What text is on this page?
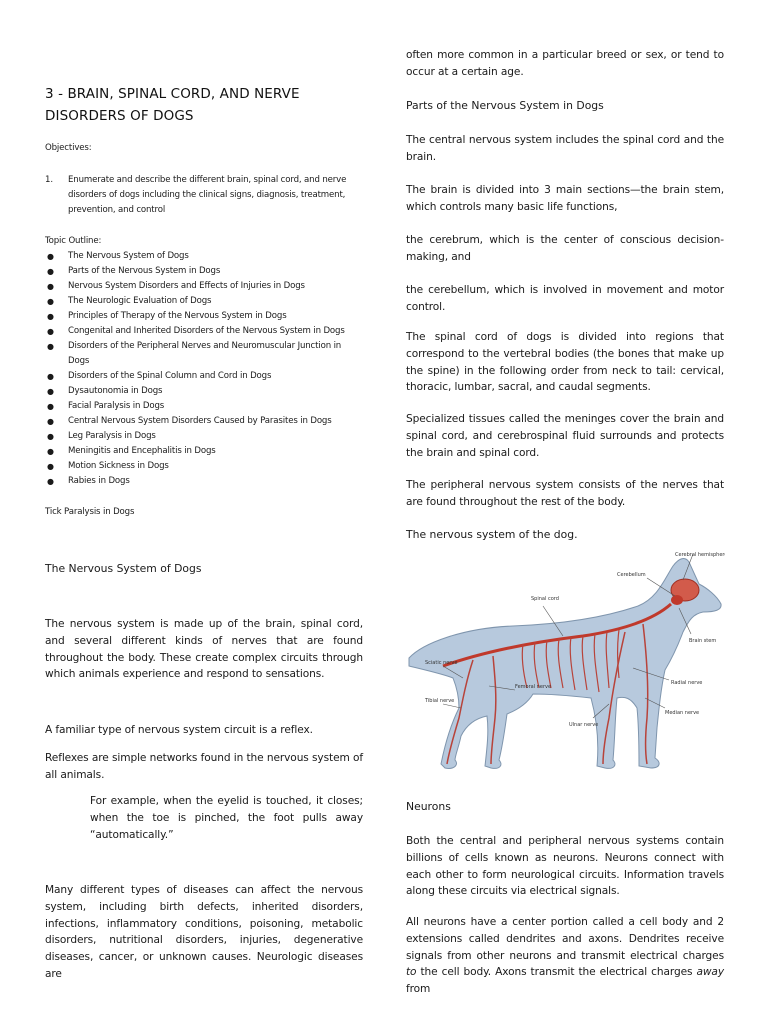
3 - BRAIN, SPINAL CORD, AND NERVE DISORDERS OF DOGS
Objectives:
1. Enumerate and describe the different brain, spinal cord, and nerve disorders of dogs including the clinical signs, diagnosis, treatment, prevention, and control
Topic Outline:
● The Nervous System of Dogs
● Parts of the Nervous System in Dogs
● Nervous System Disorders and Effects of Injuries in Dogs
● The Neurologic Evaluation of Dogs
● Principles of Therapy of the Nervous System in Dogs
● Congenital and Inherited Disorders of the Nervous System in Dogs
● Disorders of the Peripheral Nerves and Neuromuscular Junction in Dogs
● Disorders of the Spinal Column and Cord in Dogs
● Dysautonomia in Dogs
● Facial Paralysis in Dogs
● Central Nervous System Disorders Caused by Parasites in Dogs
● Leg Paralysis in Dogs
● Meningitis and Encephalitis in Dogs
● Motion Sickness in Dogs
● Rabies in Dogs
Tick Paralysis in Dogs
The Nervous System of Dogs
The nervous system is made up of the brain, spinal cord, and several different kinds of nerves that are found throughout the body. These create complex circuits through which animals experience and respond to sensations.
A familiar type of nervous system circuit is a reflex.
Reflexes are simple networks found in the nervous system of all animals.
For example, when the eyelid is touched, it closes; when the toe is pinched, the foot pulls away “automatically.”
Many different types of diseases can affect the nervous system, including birth defects, inherited disorders, infections, inflammatory conditions, poisoning, metabolic disorders, nutritional disorders, injuries, degenerative diseases, cancer, or unknown causes. Neurologic diseases are
often more common in a particular breed or sex, or tend to occur at a certain age.
Parts of the Nervous System in Dogs
The central nervous system includes the spinal cord and the brain.
The brain is divided into 3 main sections—the brain stem, which controls many basic life functions,
the cerebrum, which is the center of conscious decision-making, and
the cerebellum, which is involved in movement and motor control.
The spinal cord of dogs is divided into regions that correspond to the vertebral bodies (the bones that make up the spine) in the following order from neck to tail: cervical, thoracic, lumbar, sacral, and caudal segments.
Specialized tissues called the meninges cover the brain and spinal cord, and cerebrospinal fluid surrounds and protects the brain and spinal cord.
The peripheral nervous system consists of the nerves that are found throughout the rest of the body.
The nervous system of the dog.
Cerebral hemisphere
Cerebellum
Spinal cord
Brain stem
Sciatic nerve
Femoral nerve
Radial nerve
Tibial nerve
Ulnar nerve
Median nerve
Neurons
Both the central and peripheral nervous systems contain billions of cells known as neurons. Neurons connect with each other to form neurological circuits. Information travels along these circuits via electrical signals.
All neurons have a center portion called a cell body and 2 extensions called dendrites and axons. Dendrites receive signals from other neurons and transmit electrical charges to the cell body. Axons transmit the electrical charges away from
